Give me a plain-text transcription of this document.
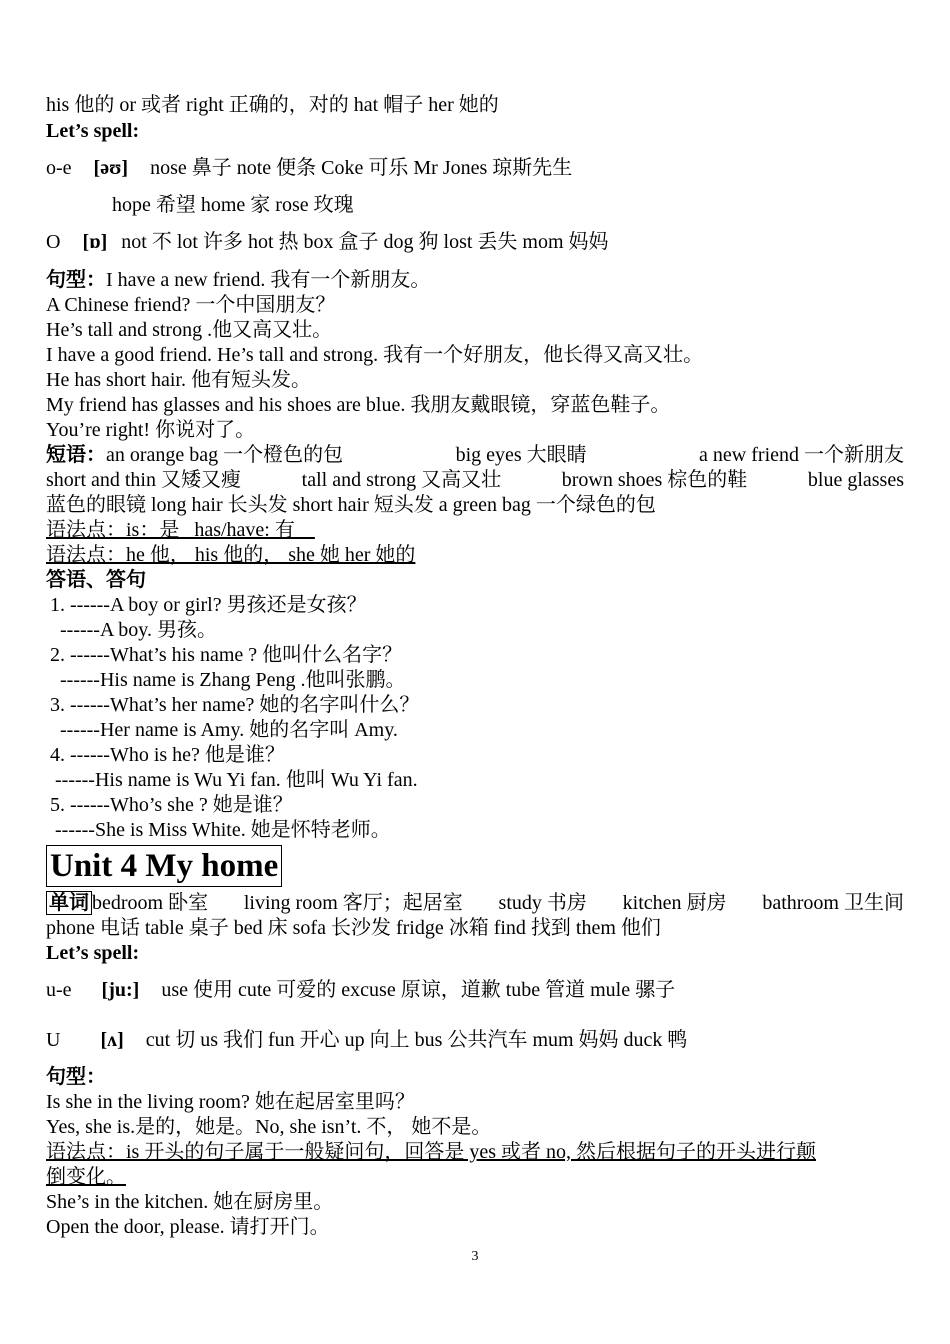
his 他的 or 或者 right 正确的，对的 hat 帽子 her 她的
Let’s spell:
o-e [əʊ] nose 鼻子 note 便条 Coke 可乐 Mr Jones 琼斯先生
hope 希望 home 家 rose 玫瑰
O [ɒ] not 不 lot 许多 hot 热 box 盒子 dog 狗 lost 丢失 mom 妈妈
句型：I have a new friend. 我有一个新朋友。
A Chinese friend? 一个中国朋友？
He’s tall and strong .他又高又壮。
I have a good friend. He’s tall and strong. 我有一个好朋友，他长得又高又壮。
He has short hair. 他有短头发。
My friend has glasses and his shoes are blue. 我朋友戴眼镜，穿蓝色鞋子。
You’re right! 你说对了。
短语：an orange bag 一个橙色的包	big eyes 大眼睛	a new friend 一个新朋友
short and thin 又矮又瘦	tall and strong 又高又壮	brown shoes 棕色的鞋	blue glasses
蓝色的眼镜 long hair 长头发 short hair 短头发 a green bag 一个绿色的包
语法点：is：是   has/have: 有
语法点：he 他， his 他的， she 她 her 她的
答语、答句
1. ------A boy or girl? 男孩还是女孩？
------A boy. 男孩。
2. ------What’s his name ? 他叫什么名字？
------His name is Zhang Peng .他叫张鹏。
3. ------What’s her name? 她的名字叫什么？
------Her name is Amy. 她的名字叫 Amy.
4. ------Who is he? 他是谁？
------His name is Wu Yi fan. 他叫 Wu Yi fan.
5. ------Who’s she ? 她是谁？
------She is Miss White. 她是怀特老师。
Unit 4 My home
单词 bedroom 卧室 living room 客厅；起居室 study 书房 kitchen 厨房 bathroom 卫生间
phone 电话 table 桌子 bed 床 sofa 长沙发 fridge 冰箱 find 找到 them 他们
Let’s spell:
u-e [ju:] use 使用 cute 可爱的 excuse 原谅，道歉 tube 管道 mule 骡子
U [ʌ] cut 切 us 我们 fun 开心 up 向上 bus 公共汽车 mum 妈妈 duck 鸭
句型：
Is she in the living room? 她在起居室里吗？
Yes, she is.是的，她是。No, she isn’t. 不， 她不是。
语法点：is 开头的句子属于一般疑问句，回答是 yes 或者 no, 然后根据句子的开头进行颠
倒变化。
She’s in the kitchen. 她在厨房里。
Open the door, please. 请打开门。
3
